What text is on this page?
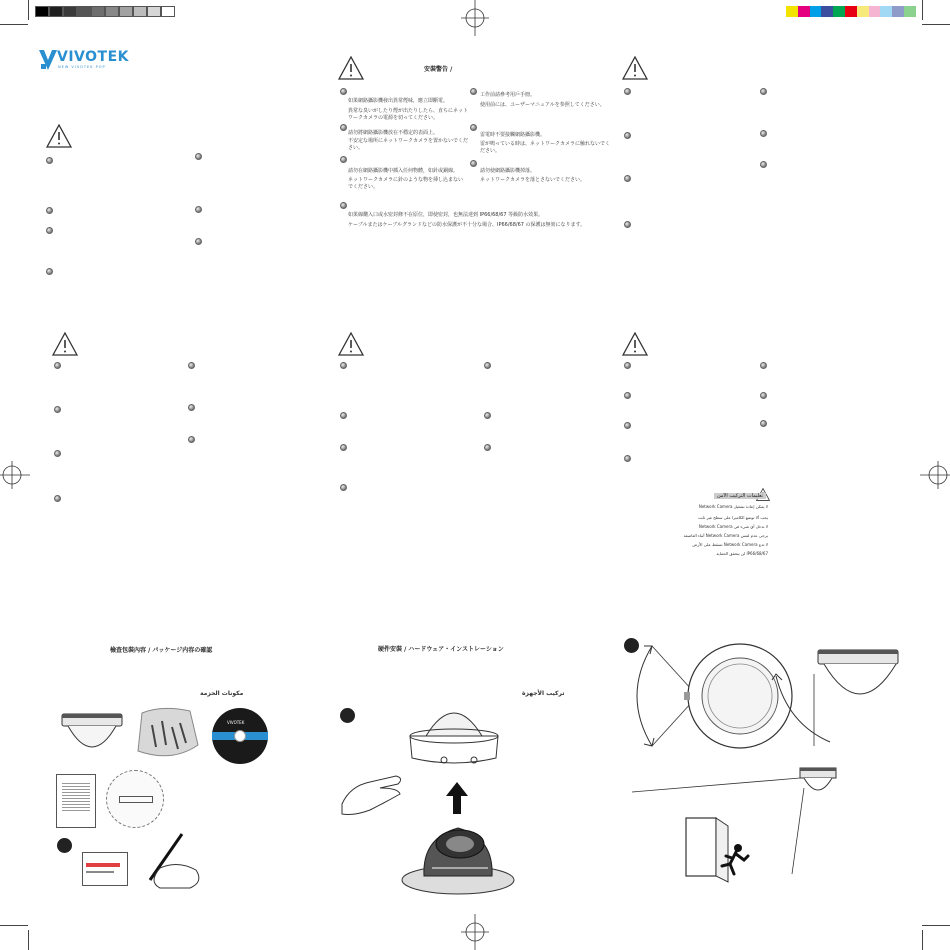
VIVOTEK
NEW VIVOTEK POP	安裝警告 /
如果網路攝影機發出異常煙味，應立即斷電。
異常な臭いがしたり煙が出たりしたら、直ちにネットワークカメラの電源を切ってください。
請勿將網路攝影機放在不穩定的表面上。
不安定な場所にネットワークカメラを置かないでください。
請勿在網路攝影機中插入任何物體，如針或銅線。
ネットワークカメラに針のような物を挿し込まないでください。
工作前請參考用戶手冊。
使用前には、ユーザーマニュアルを参照してください。
雷電時不要接觸網路攝影機。
雷が鳴っている時は、ネットワークカメラに触れないでください。
請勿使網路攝影機掉落。
ネットワークカメラを落とさないでください。
如果線纜入口或水密封條不在原位，即使密封，也無法達到 IP66/68/67 等級防水效果。
ケーブルまたはケーブルグランドなどの防水保護が不十分な場合、IP66/68/67 の保護は無効になります。
تعليمات التركيب الآمن
لا يمكن إعادة تشغيل Network Camera
يجب ألا توضع الكاميرا على سطح غير ثابت
لا تدخل أي شيء في Network Camera
يرجى عدم لمس Network Camera أثناء العاصفة
لا تدع Network Camera تسقط على الأرض
IP66/68/67 لن يتحقق الحماية
檢查包裝內容 / パッケージ内容の確認
مكونات الحزمة
VIVOTEK
硬件安裝 / ハードウェア・インストレーション
تركيب الأجهزة
